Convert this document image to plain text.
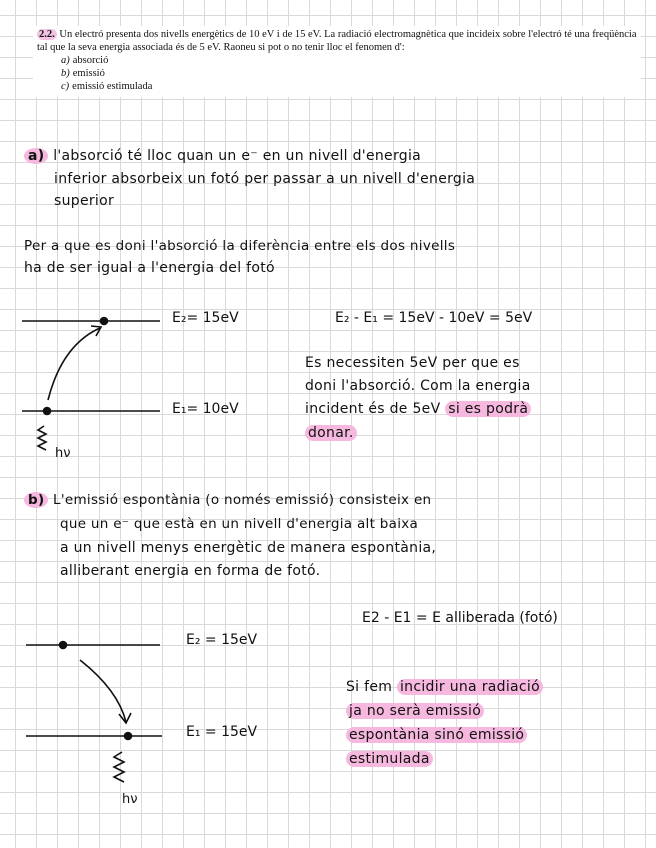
2.2. Un electró presenta dos nivells energètics de 10 eV i de 15 eV. La radiació electromagnètica que incideix sobre l'electró té una freqüència tal que la seva energia associada és de 5 eV. Raoneu si pot o no tenir lloc el fenomen d':
a) absorció
b) emissió
c) emissió estimulada
a) l'absorció té lloc quan un e⁻ en un nivell d'energia
inferior absorbeix un fotó per passar a un nivell d'energia
superior
Per a que es doni l'absorció la diferència entre els dos nivells
ha de ser igual a l'energia del fotó
E₂= 15eV
E₁= 10eV
hν
E₂ - E₁ = 15eV - 10eV = 5eV
Es necessiten 5eV per que es
doni l'absorció. Com la energia
incident és de 5eV si es podrà
donar.
b) L'emissió espontània (o només emissió) consisteix en
que un e⁻ que està en un nivell d'energia alt baixa
a un nivell menys energètic de manera espontània,
alliberant energia en forma de fotó.
E2 - E1 = E alliberada (fotó)
E₂ = 15eV
E₁ = 15eV
hν
Si fem incidir una radiació
ja no serà emissió
espontània sinó emissió
estimulada
